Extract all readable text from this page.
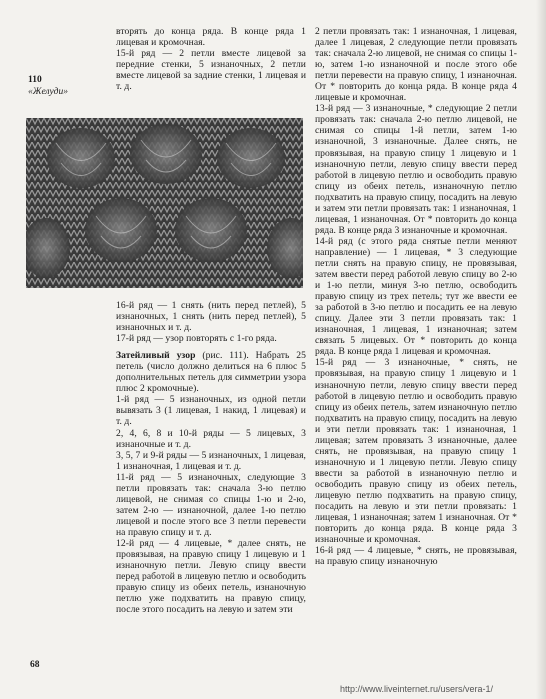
110
«Желуди»

вторять до конца ряда. В конце ряда 1 лицевая и кромочная.

15-й ряд — 2 петли вместе лицевой за передние стенки, 5 изнаночных, 2 петли вместе лицевой за задние стенки, 1 лицевая и т. д.

16-й ряд — 1 снять (нить перед петлей), 5 изнаночных, 1 снять (нить перед петлей), 5 изнаночных и т. д.

17-й ряд — узор повторять с 1-го ряда.

Затейливый узор (рис. 111). Набрать 25 петель (число должно делиться на 6 плюс 5 дополнительных петель для симметрии узора плюс 2 кромочные).

1-й ряд — 5 изнаночных, из одной петли вывязать 3 (1 лицевая, 1 накид, 1 лицевая) и т. д.

2, 4, 6, 8 и 10-й ряды — 5 лицевых, 3 изнаночные и т. д.

3, 5, 7 и 9-й ряды — 5 изнаночных, 1 лицевая, 1 изнаночная, 1 лицевая и т. д.

11-й ряд — 5 изнаночных, следующие 3 петли провязать так: сначала 3-ю петлю лицевой, не снимая со спицы 1-ю и 2-ю, затем 2-ю — изнаночной, далее 1-ю петлю лицевой и после этого все 3 петли перевести на правую спицу и т. д.

12-й ряд — 4 лицевые, * далее снять, не провязывая, на правую спицу 1 лицевую и 1 изнаночную петли. Левую спицу ввести перед работой в лицевую петлю и освободить правую спицу из обеих петель, изнаночную петлю уже подхватить на правую спицу, после этого посадить на левую и затем эти

2 петли провязать так: 1 изнаночная, 1 лицевая, далее 1 лицевая, 2 следующие петли провязать так: сначала 2-ю лицевой, не снимая со спицы 1-ю, затем 1-ю изнаночной и после этого обе петли перевести на правую спицу, 1 изнаночная. От * повторить до конца ряда. В конце ряда 4 лицевые и кромочная.

13-й ряд — 3 изнаночные, * следующие 2 петли провязать так: сначала 2-ю петлю лицевой, не снимая со спицы 1-й петли, затем 1-ю изнаночной, 3 изнаночные. Далее снять, не провязывая, на правую спицу 1 лицевую и 1 изнаночную петли, левую спицу ввести перед работой в лицевую петлю и освободить правую спицу из обеих петель, изнаночную петлю подхватить на правую спицу, посадить на левую и затем эти петли провязать так: 1 изнаночная, 1 лицевая, 1 изнаночная. От * повторить до конца ряда. В конце ряда 3 изнаночные и кромочная.

14-й ряд (с этого ряда снятые петли меняют направление) — 1 лицевая, * 3 следующие петли снять на правую спицу, не провязывая, затем ввести перед работой левую спицу во 2-ю и 1-ю петли, минуя 3-ю петлю, освободить правую спицу из трех петель; тут же ввести ее за работой в 3-ю петлю и посадить ее на левую спицу. Далее эти 3 петли провязать так: 1 изнаночная, 1 лицевая, 1 изнаночная; затем связать 5 лицевых. От * повторить до конца ряда. В конце ряда 1 лицевая и кромочная.

15-й ряд — 3 изнаночные, * снять, не провязывая, на правую спицу 1 лицевую и 1 изнаночную петли, левую спицу ввести перед работой в лицевую петлю и освободить правую спицу из обеих петель, затем изнаночную петлю подхватить на правую спицу, посадить на левую и эти петли провязать так: 1 изнаночная, 1 лицевая; затем провязать 3 изнаночные, далее снять, не провязывая, на правую спицу 1 изнаночную и 1 лицевую петли. Левую спицу ввести за работой в изнаночную петлю и освободить правую спицу из обеих петель, лицевую петлю подхватить на правую спицу, посадить на левую и эти петли провязать: 1 лицевая, 1 изнаночная; затем 1 изнаночная. От * повторить до конца ряда. В конце ряда 3 изнаночные и кромочная.

16-й ряд — 4 лицевые, * снять, не провязывая, на правую спицу изнаночную

68
http://www.liveinternet.ru/users/vera-1/
